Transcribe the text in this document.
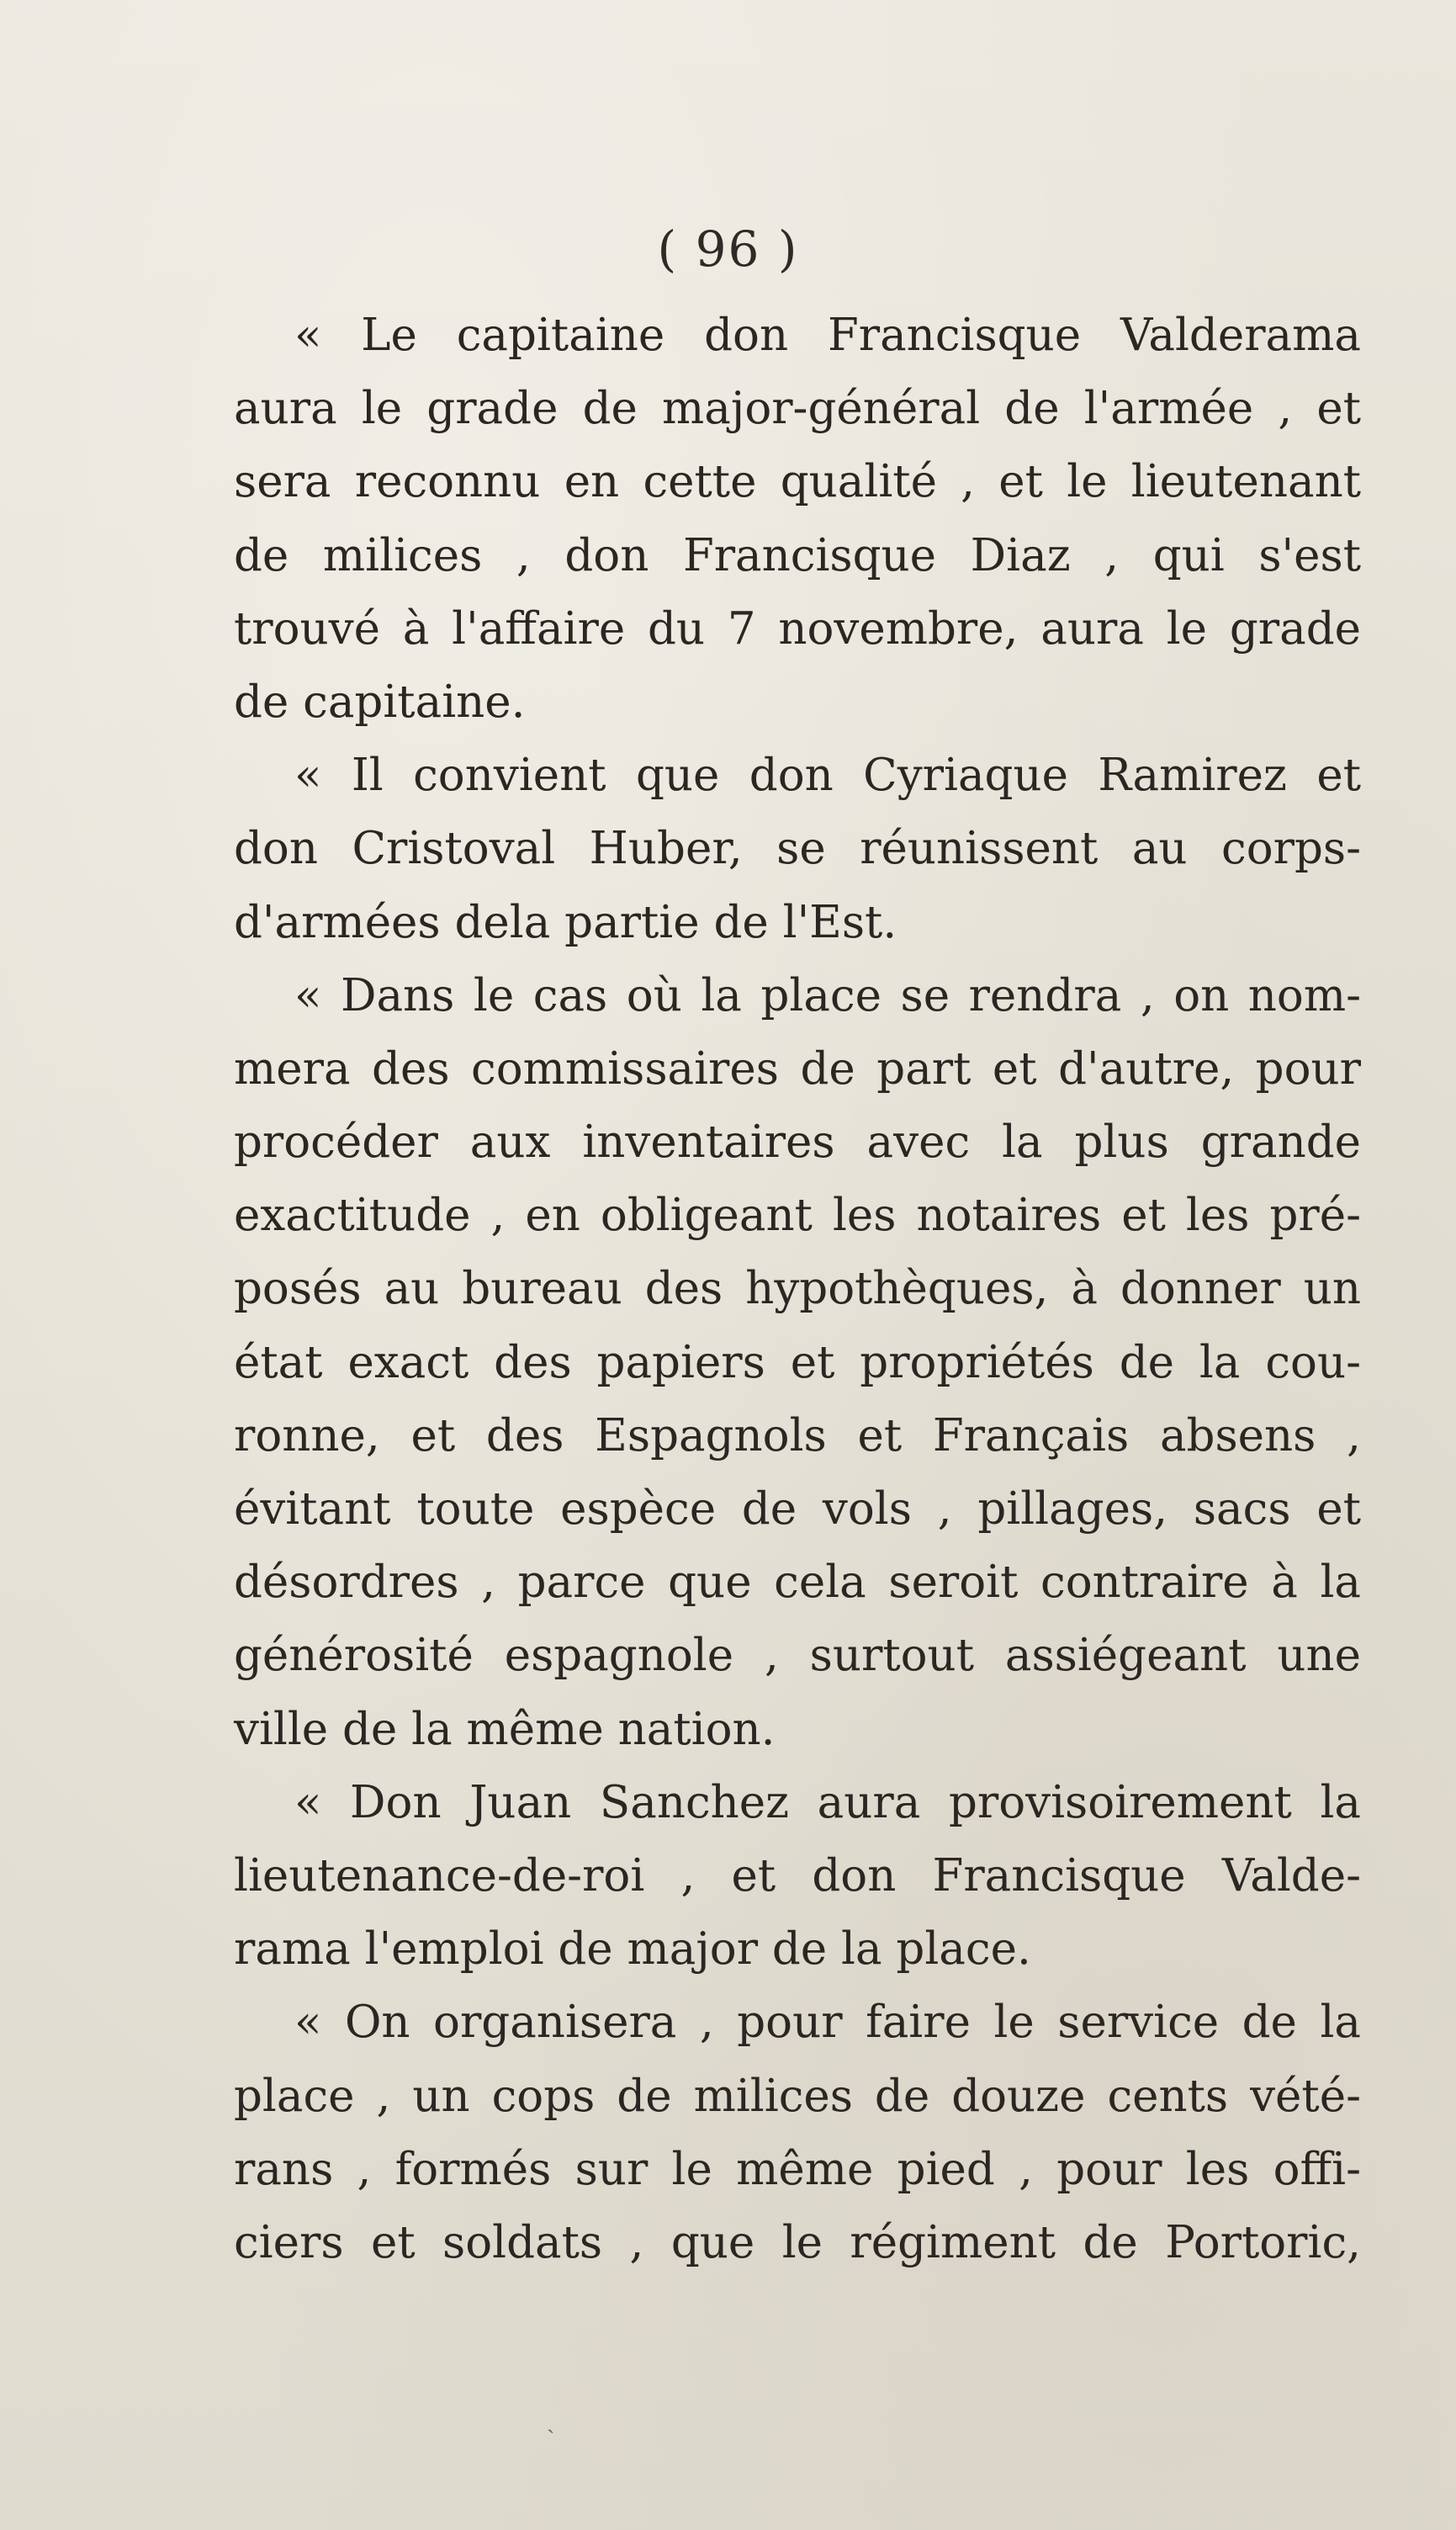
( 96 )
« Le capitaine don Francisque Valderama
aura le grade de major-général de l'armée , et
sera reconnu en cette qualité , et le lieutenant
de milices , don Francisque Diaz , qui s'est
trouvé à l'affaire du 7 novembre, aura le grade
de capitaine.
« Il convient que don Cyriaque Ramirez et
don Cristoval Huber, se réunissent au corps-
d'armées dela partie de l'Est.
« Dans le cas où la place se rendra , on nom-
mera des commissaires de part et d'autre, pour
procéder aux inventaires avec la plus grande
exactitude , en obligeant les notaires et les pré-
posés au bureau des hypothèques, à donner un
état exact des papiers et propriétés de la cou-
ronne, et des Espagnols et Français absens ,
évitant toute espèce de vols , pillages, sacs et
désordres , parce que cela seroit contraire à la
générosité espagnole , surtout assiégeant une
ville de la même nation.
« Don Juan Sanchez aura provisoirement la
lieutenance-de-roi , et don Francisque Valde-
rama l'emploi de major de la place.
« On organisera , pour faire le service de la
place , un cops de milices de douze cents vété-
rans , formés sur le même pied , pour les offi-
ciers et soldats , que le régiment de Portoric,
ˎ
